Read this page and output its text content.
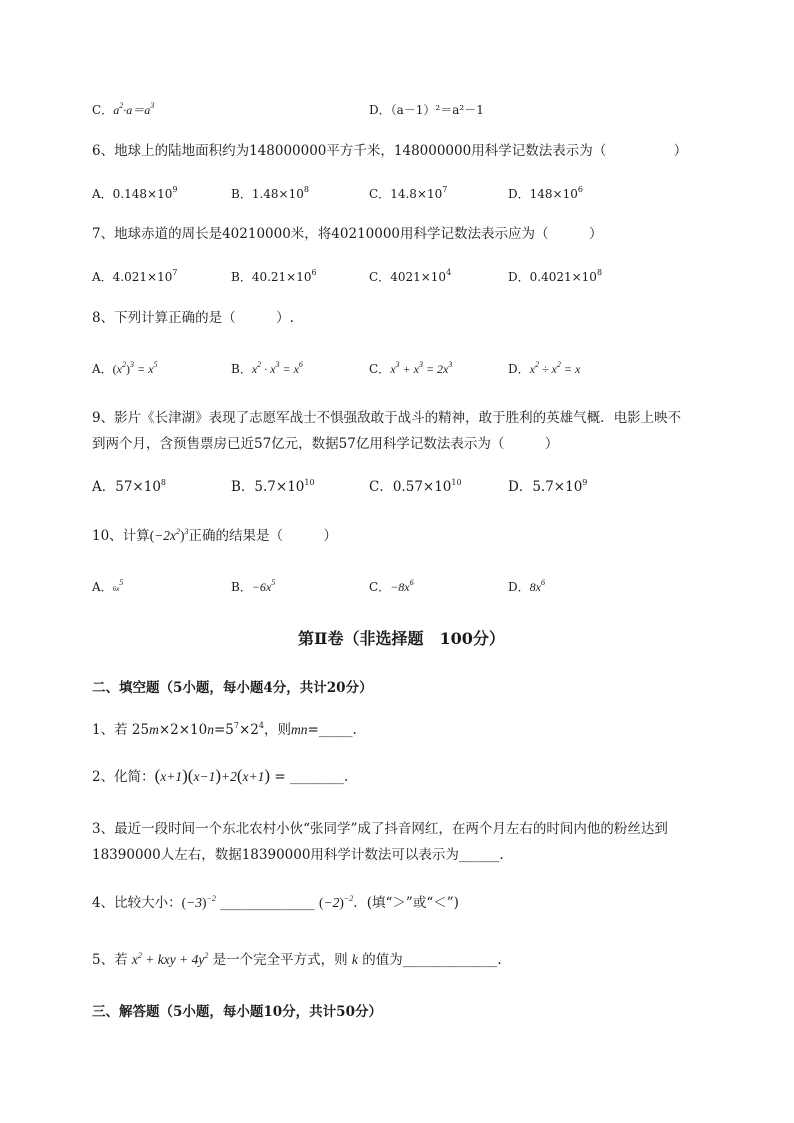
C．$a^2\cdot a=a^3$	D．（a－1）²＝a²－1
6、地球上的陆地面积约为148000000平方千米，148000000用科学记数法表示为（　　　　　）
A．$0.148\times 10^9$	B．$1.48\times 10^8$	C．$14.8\times 10^7$	D．$148\times 10^6$
7、地球赤道的周长是40210000米，将40210000用科学记数法表示应为（　　　）
A．$4.021\times 10^7$	B．$40.21\times 10^6$	C．$4021\times 10^4$	D．$0.4021\times 10^8$
8、下列计算正确的是（　　　）.
A．$(x^2)^3 = x^5$	B．$x^2 \cdot x^3 = x^6$	C．$x^3 + x^3 = 2x^3$	D．$x^2 \div x^2 = x$
9、影片《长津湖》表现了志愿军战士不惧强敌敢于战斗的精神，敢于胜利的英雄气概．电影上映不
到两个月，含预售票房已近57亿元，数据57亿用科学记数法表示为（　　　）
A．$57\times 10^8$	B．$5.7\times 10^{10}$	C．$0.57\times 10^{10}$	D．$5.7\times 10^9$
10、计算$(-2x^2)^3$正确的结果是（　　　）
A．$6x^5$	B．$-6x^5$	C．$-8x^6$	D．$8x^6$
第Ⅱ卷（非选择题　100分）
二、填空题（5小题，每小题4分，共计20分）
1、若 $25m\times 2\times 10n=5^7\times 2^4$，则mn=_____.
2、化简：(x+1)(x−1)+2(x+1) = ________.
3、最近一段时间一个东北农村小伙“张同学”成了抖音网红，在两个月左右的时间内他的粉丝达到
18390000人左右，数据18390000用科学计数法可以表示为______.
4、比较大小：$(-3)^{-2}$ ______________ $(-2)^{-2}$．(填“＞”或“＜”)
5、若 $x^2$ + kxy + $4y^2$ 是一个完全平方式，则 k 的值为______________.
三、解答题（5小题，每小题10分，共计50分）
